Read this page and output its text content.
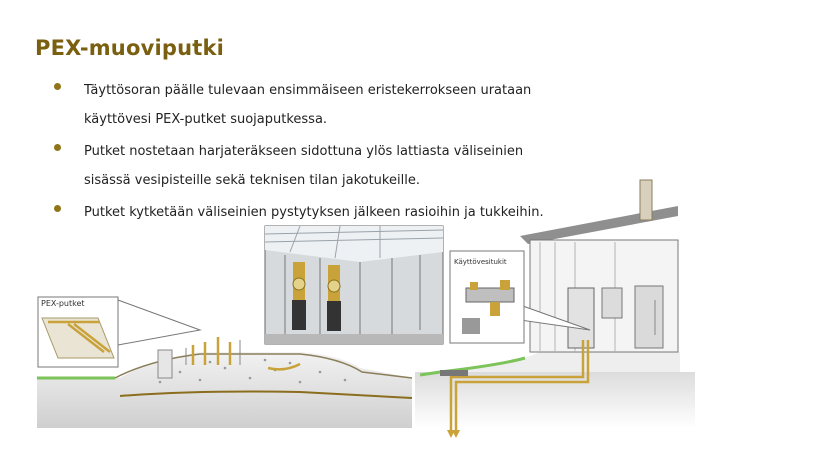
PEX-muoviputki
Täyttösoran päälle tulevaan ensimmäiseen eristekerrokseen urataan
käyttövesi PEX-putket suojaputkessa.
Putket nostetaan harjateräkseen sidottuna ylös lattiasta väliseinien
sisässä vesipisteille sekä teknisen tilan jakotukeille.
Putket kytketään väliseinien pystytyksen jälkeen rasioihin ja tukkeihin.
PEX-putket
Käyttövesitukit
